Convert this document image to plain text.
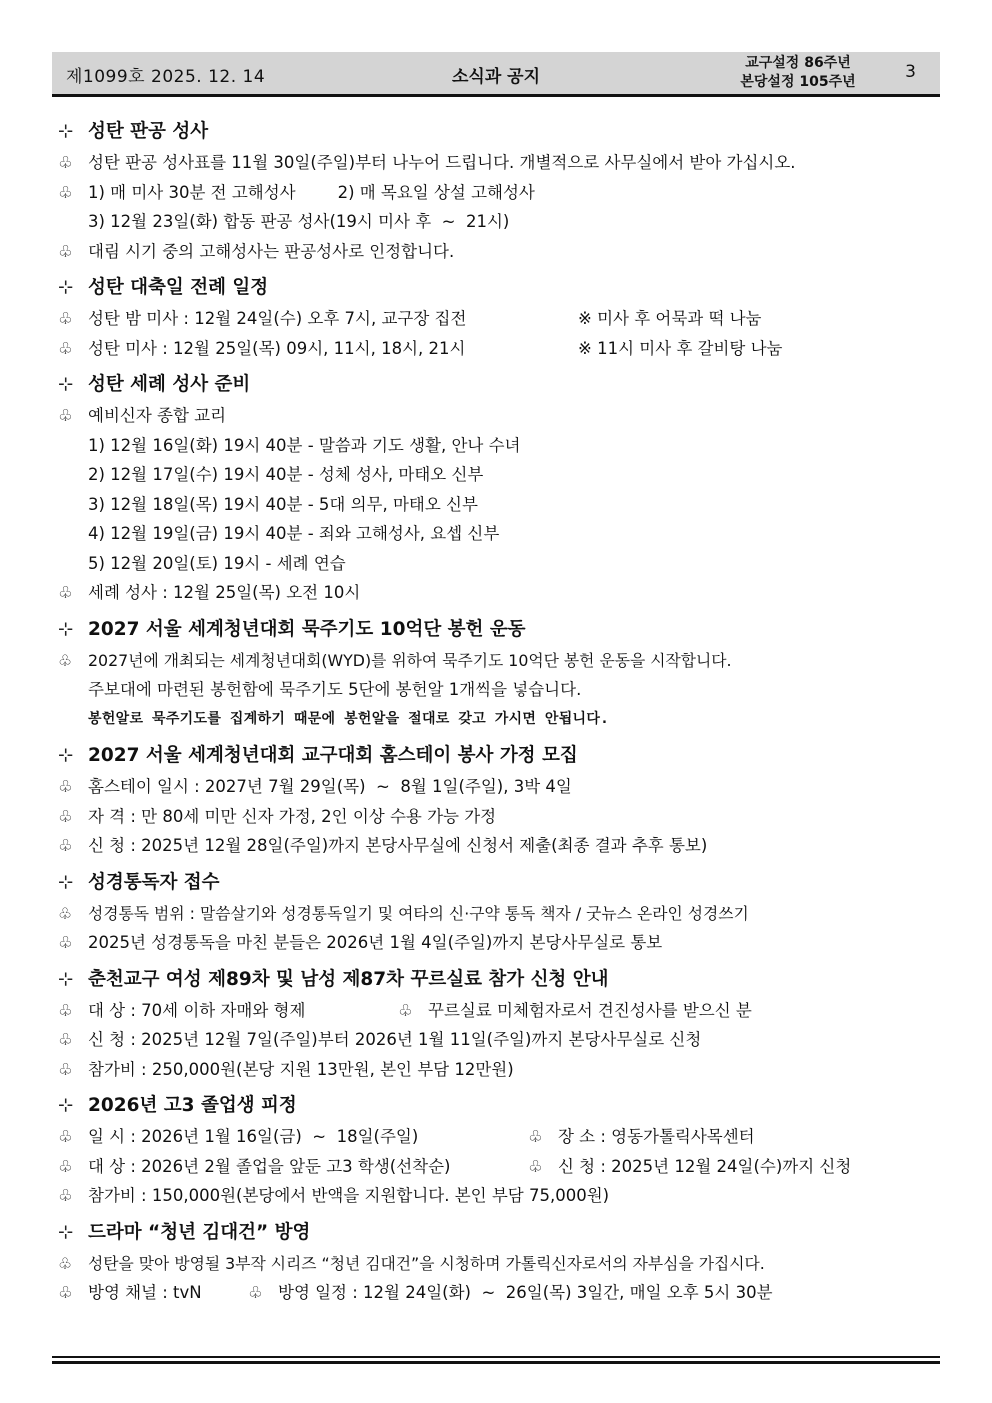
제1099호 2025. 12. 14	소식과 공지
교구설정 86주년
본당설정 105주년	3
⊹ 성탄 판공 성사
♧ 성탄 판공 성사표를 11월 30일(주일)부터 나누어 드립니다. 개별적으로 사무실에서 받아 가십시오.
♧ 1) 매 미사 30분 전 고해성사        2) 매 목요일 상설 고해성사
3) 12월 23일(화) 합동 판공 성사(19시 미사 후  ~  21시)
♧ 대림 시기 중의 고해성사는 판공성사로 인정합니다.
⊹ 성탄 대축일 전례 일정
♧ 성탄 밤 미사 : 12월 24일(수) 오후 7시, 교구장 집전	※ 미사 후 어묵과 떡 나눔
♧ 성탄 미사 : 12월 25일(목) 09시, 11시, 18시, 21시	※ 11시 미사 후 갈비탕 나눔
⊹ 성탄 세례 성사 준비
♧ 예비신자 종합 교리
1) 12월 16일(화) 19시 40분 - 말씀과 기도 생활, 안나 수녀
2) 12월 17일(수) 19시 40분 - 성체 성사, 마태오 신부
3) 12월 18일(목) 19시 40분 - 5대 의무, 마태오 신부
4) 12월 19일(금) 19시 40분 - 죄와 고해성사, 요셉 신부
5) 12월 20일(토) 19시 - 세례 연습
♧ 세례 성사 : 12월 25일(목) 오전 10시
⊹ 2027 서울 세계청년대회 묵주기도 10억단 봉헌 운동
♧ 2027년에 개최되는 세계청년대회(WYD)를 위하여 묵주기도 10억단 봉헌 운동을 시작합니다.
주보대에 마련된 봉헌함에 묵주기도 5단에 봉헌알 1개씩을 넣습니다.
봉헌알로 묵주기도를 집계하기 때문에 봉헌알을 절대로 갖고 가시면 안됩니다.
⊹ 2027 서울 세계청년대회 교구대회 홈스테이 봉사 가정 모집
♧ 홈스테이 일시 : 2027년 7월 29일(목)  ~  8월 1일(주일), 3박 4일
♧ 자 격 : 만 80세 미만 신자 가정, 2인 이상 수용 가능 가정
♧ 신 청 : 2025년 12월 28일(주일)까지 본당사무실에 신청서 제출(최종 결과 추후 통보)
⊹ 성경통독자 접수
♧ 성경통독 범위 : 말씀살기와 성경통독일기 및 여타의 신·구약 통독 책자 / 굿뉴스 온라인 성경쓰기
♧ 2025년 성경통독을 마친 분들은 2026년 1월 4일(주일)까지 본당사무실로 통보
⊹ 춘천교구 여성 제89차 및 남성 제87차 꾸르실료 참가 신청 안내
♧ 대 상 : 70세 이하 자매와 형제	♧ 꾸르실료 미체험자로서 견진성사를 받으신 분
♧ 신 청 : 2025년 12월 7일(주일)부터 2026년 1월 11일(주일)까지 본당사무실로 신청
♧ 참가비 : 250,000원(본당 지원 13만원, 본인 부담 12만원)
⊹ 2026년 고3 졸업생 피정
♧ 일 시 : 2026년 1월 16일(금)  ~  18일(주일)	♧ 장 소 : 영동가톨릭사목센터
♧ 대 상 : 2026년 2월 졸업을 앞둔 고3 학생(선착순)	♧ 신 청 : 2025년 12월 24일(수)까지 신청
♧ 참가비 : 150,000원(본당에서 반액을 지원합니다. 본인 부담 75,000원)
⊹ 드라마 “청년 김대건” 방영
♧ 성탄을 맞아 방영될 3부작 시리즈 “청년 김대건”을 시청하며 가톨릭신자로서의 자부심을 가집시다.
♧ 방영 채널 : tvN	♧ 방영 일정 : 12월 24일(화)  ~  26일(목) 3일간, 매일 오후 5시 30분
